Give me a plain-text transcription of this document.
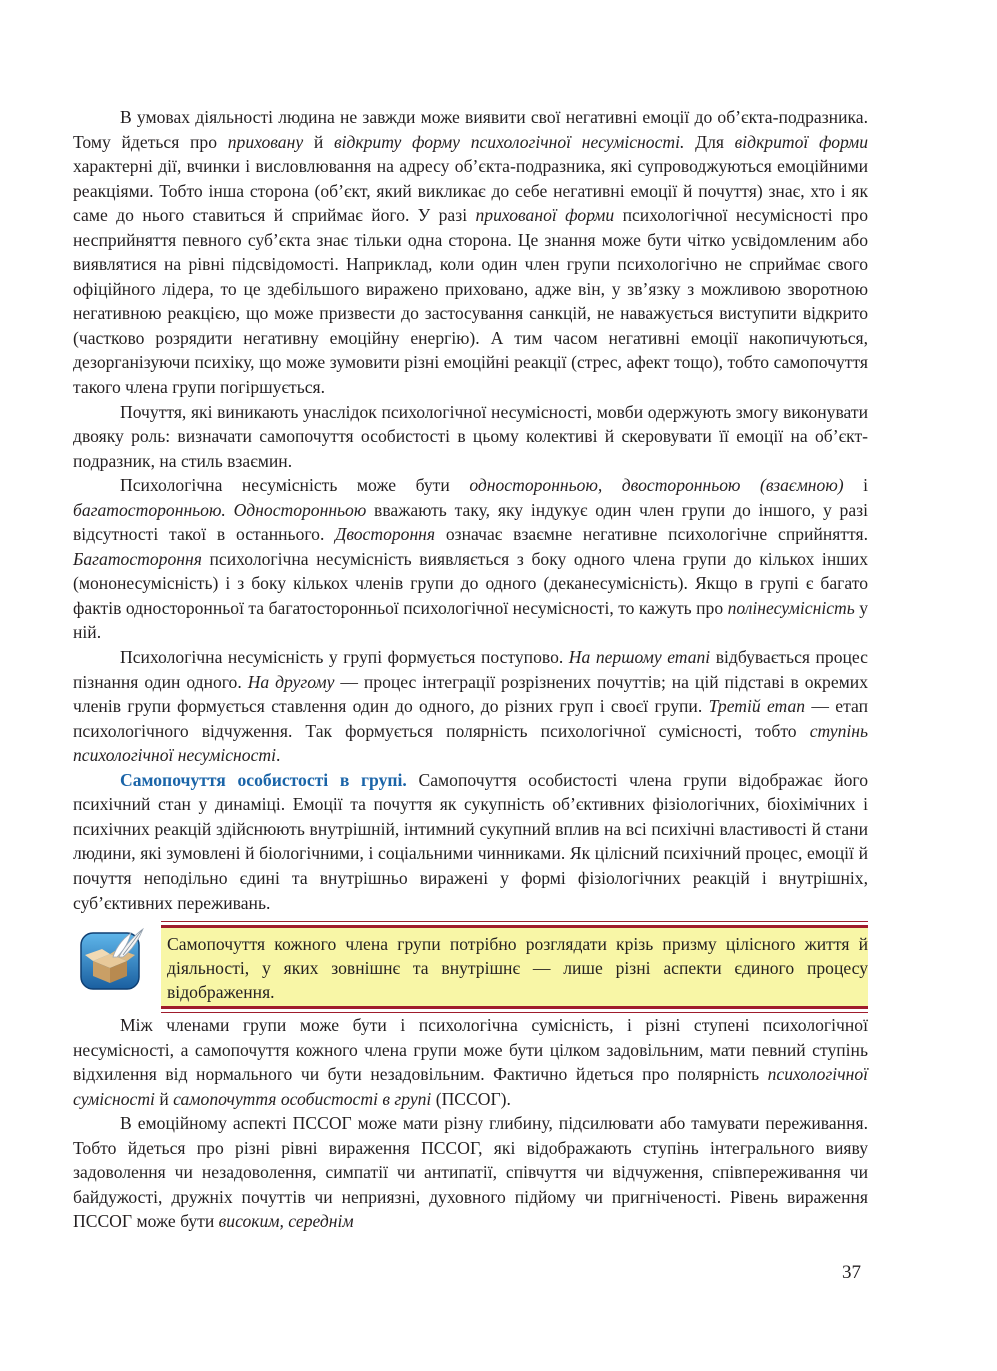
В умовах діяльності людина не завжди може виявити свої негативні емоції до об’єкта-подразника. Тому йдеться про приховану й відкриту форму психологічної несумісності. Для відкритої форми характерні дії, вчинки і висловлювання на адресу об’єкта-подразника, які супроводжуються емоційними реакціями. Тобто інша сторона (об’єкт, який викликає до себе негативні емоції й почуття) знає, хто і як саме до нього ставиться й сприймає його. У разі прихованої форми психологічної несумісності про несприйняття певного суб’єкта знає тільки одна сторона. Це знання може бути чітко усвідомленим або виявлятися на рівні підсвідомості. Наприклад, коли один член групи психологічно не сприймає свого офіційного лідера, то це здебільшого виражено приховано, адже він, у зв’язку з можливою зворотною негативною реакцією, що може призвести до застосування санкцій, не наважується виступити відкрито (частково розрядити негативну емоційну енергію). А тим часом негативні емоції накопичуються, дезорганізуючи психіку, що може зумовити різні емоційні реакції (стрес, афект тощо), тобто самопочуття такого члена групи погіршується.

Почуття, які виникають унаслідок психологічної несумісності, мовби одержують змогу виконувати двояку роль: визначати самопочуття особистості в цьому колективі й скеровувати її емоції на об’єкт-подразник, на стиль взаємин.

Психологічна несумісність може бути односторонньою, двосторонньою (взаємною) і багатосторонньою. Односторонньою вважають таку, яку індукує один член групи до іншого, у разі відсутності такої в останнього. Двостороння означає взаємне негативне психологічне сприйняття. Багатостороння психологічна несумісність виявляється з боку одного члена групи до кількох інших (мононесумісність) і з боку кількох членів групи до одного (деканесумісність). Якщо в групі є багато фактів односторонньої та багатосторонньої психологічної несумісності, то кажуть про полінесумісність у ній.

Психологічна несумісність у групі формується поступово. На першому етапі відбувається процес пізнання один одного. На другому — процес інтеграції розрізнених почуттів; на цій підставі в окремих членів групи формується ставлення один до одного, до різних груп і своєї групи. Третій етап — етап психологічного відчуження. Так формується полярність психологічної сумісності, тобто ступінь психологічної несумісності.

Самопочуття особистості в групі. Самопочуття особистості члена групи відображає його психічний стан у динаміці. Емоції та почуття як сукупність об’єктивних фізіологічних, біохімічних і психічних реакцій здійснюють внутрішній, інтимний сукупний вплив на всі психічні властивості й стани людини, які зумовлені й біологічними, і соціальними чинниками. Як цілісний психічний процес, емоції й почуття неподільно єдині та внутрішньо виражені у формі фізіологічних реакцій і внутрішніх, суб’єктивних переживань.

Самопочуття кожного члена групи потрібно розглядати крізь призму цілісного життя й діяльності, у яких зовнішнє та внутрішнє — лише різні аспекти єдиного процесу відображення.

Між членами групи може бути і психологічна сумісність, і різні ступені психологічної несумісності, а самопочуття кожного члена групи може бути цілком задовільним, мати певний ступінь відхилення від нормального чи бути незадовільним. Фактично йдеться про полярність психологічної сумісності й самопочуття особистості в групі (ПССОГ).

В емоційному аспекті ПССОГ може мати різну глибину, підсилювати або тамувати переживання. Тобто йдеться про різні рівні вираження ПССОГ, які відображають ступінь інтегрального вияву задоволення чи незадоволення, симпатії чи антипатії, співчуття чи відчуження, співпереживання чи байдужості, дружніх почуттів чи неприязні, духовного підйому чи пригніченості. Рівень вираження ПССОГ може бути високим, середнім

37
